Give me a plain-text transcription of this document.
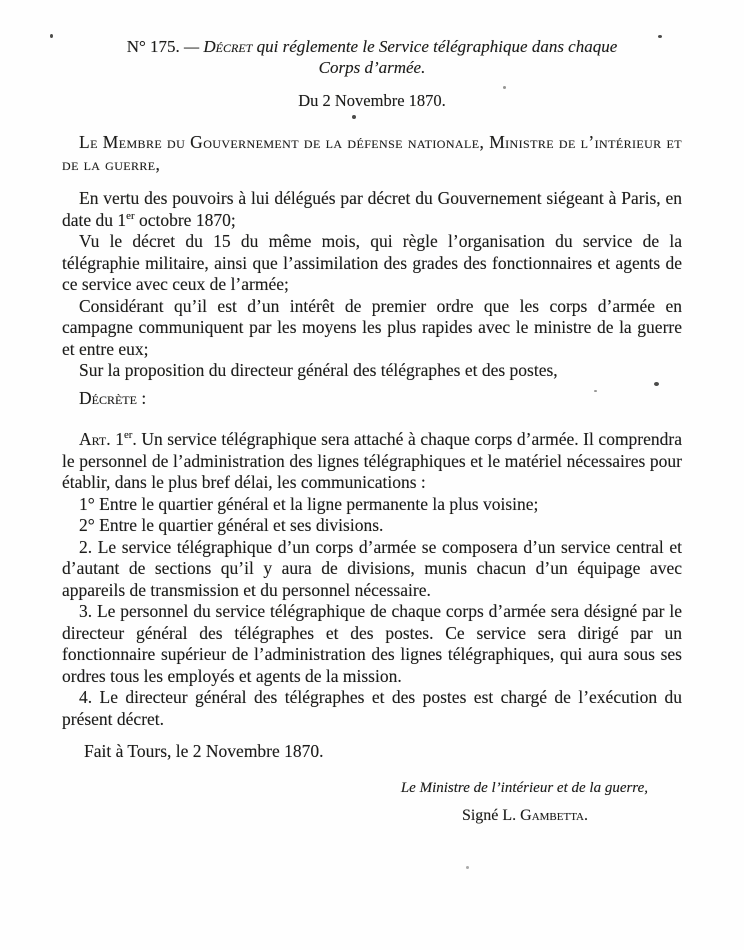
N° 175. — Décret qui réglemente le Service télégraphique dans chaque
Corps d’armée.
Du 2 Novembre 1870.

Le Membre du Gouvernement de la défense nationale, Ministre de l’intérieur et de la guerre,

En vertu des pouvoirs à lui délégués par décret du Gouvernement siégeant à Paris, en date du 1er octobre 1870;

Vu le décret du 15 du même mois, qui règle l’organisation du service de la télégraphie militaire, ainsi que l’assimilation des grades des fonctionnaires et agents de ce service avec ceux de l’armée;

Considérant qu’il est d’un intérêt de premier ordre que les corps d’armée en campagne communiquent par les moyens les plus rapides avec le ministre de la guerre et entre eux;

Sur la proposition du directeur général des télégraphes et des postes,

Décrète :

Art. 1er. Un service télégraphique sera attaché à chaque corps d’armée. Il comprendra le personnel de l’administration des lignes télégraphiques et le matériel nécessaires pour établir, dans le plus bref délai, les communications :

1° Entre le quartier général et la ligne permanente la plus voisine;

2° Entre le quartier général et ses divisions.

2. Le service télégraphique d’un corps d’armée se composera d’un service central et d’autant de sections qu’il y aura de divisions, munis chacun d’un équipage avec appareils de transmission et du personnel nécessaire.

3. Le personnel du service télégraphique de chaque corps d’armée sera désigné par le directeur général des télégraphes et des postes. Ce service sera dirigé par un fonctionnaire supérieur de l’administration des lignes télégraphiques, qui aura sous ses ordres tous les employés et agents de la mission.

4. Le directeur général des télégraphes et des postes est chargé de l’exécution du présent décret.

Fait à Tours, le 2 Novembre 1870.

Le Ministre de l’intérieur et de la guerre,
Signé L. Gambetta.
